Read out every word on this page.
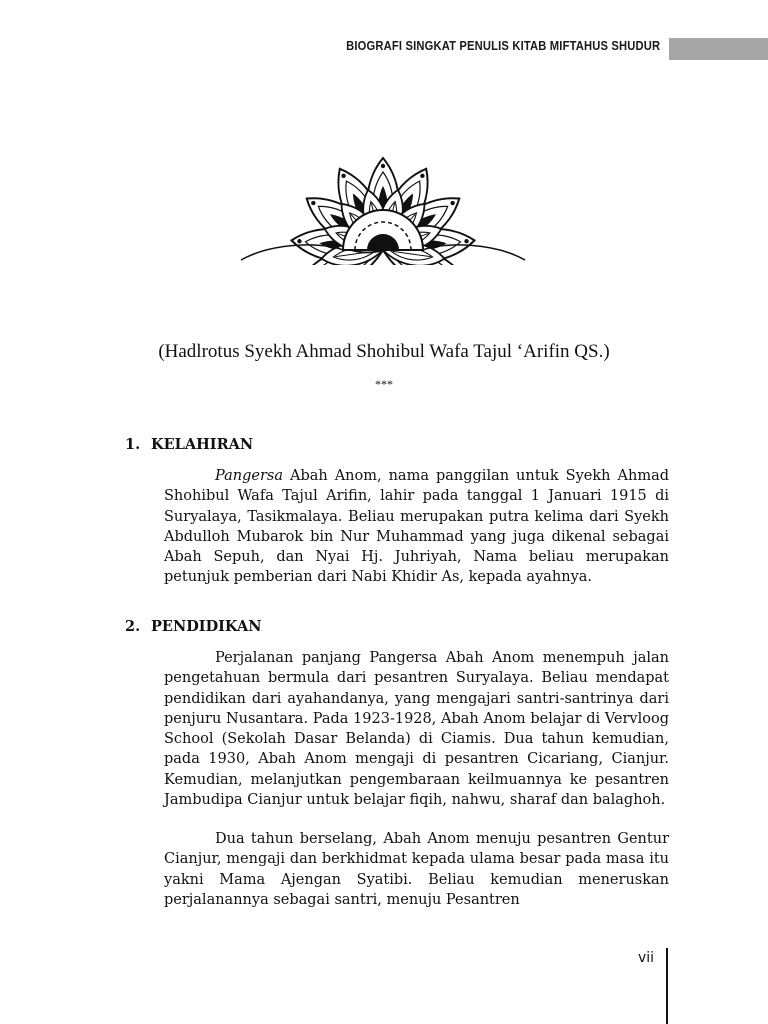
BIOGRAFI SINGKAT PENULIS KITAB MIFTAHUS SHUDUR
(Hadlrotus Syekh Ahmad Shohibul Wafa Tajul ‘Arifin QS.)
***
1. KELAHIRAN

Pangersa Abah Anom, nama panggilan untuk Syekh Ahmad Shohibul Wafa Tajul Arifin, lahir pada tanggal 1 Januari 1915 di Suryalaya, Tasikmalaya. Beliau merupakan putra kelima dari Syekh Abdulloh Mubarok bin Nur Muhammad yang juga dikenal sebagai Abah Sepuh, dan Nyai Hj. Juhriyah, Nama beliau merupakan petunjuk pemberian dari Nabi Khidir As, kepada ayahnya.

2. PENDIDIKAN

Perjalanan panjang Pangersa Abah Anom menempuh jalan pengetahuan bermula dari pesantren Suryalaya. Beliau mendapat pendidikan dari ayahandanya, yang mengajari santri-santrinya dari penjuru Nusantara. Pada 1923-1928, Abah Anom belajar di Vervloog School (Sekolah Dasar Belanda) di Ciamis. Dua tahun kemudian, pada 1930, Abah Anom mengaji di pesantren Cicariang, Cianjur. Kemudian, melanjutkan pengembaraan keilmuannya ke pesantren Jambudipa Cianjur untuk belajar fiqih, nahwu, sharaf dan balaghoh.

Dua tahun berselang, Abah Anom menuju pesantren Gentur Cianjur, mengaji dan berkhidmat kepada ulama besar pada masa itu yakni Mama Ajengan Syatibi. Beliau kemudian meneruskan perjalanannya sebagai santri, menuju Pesantren

vii
